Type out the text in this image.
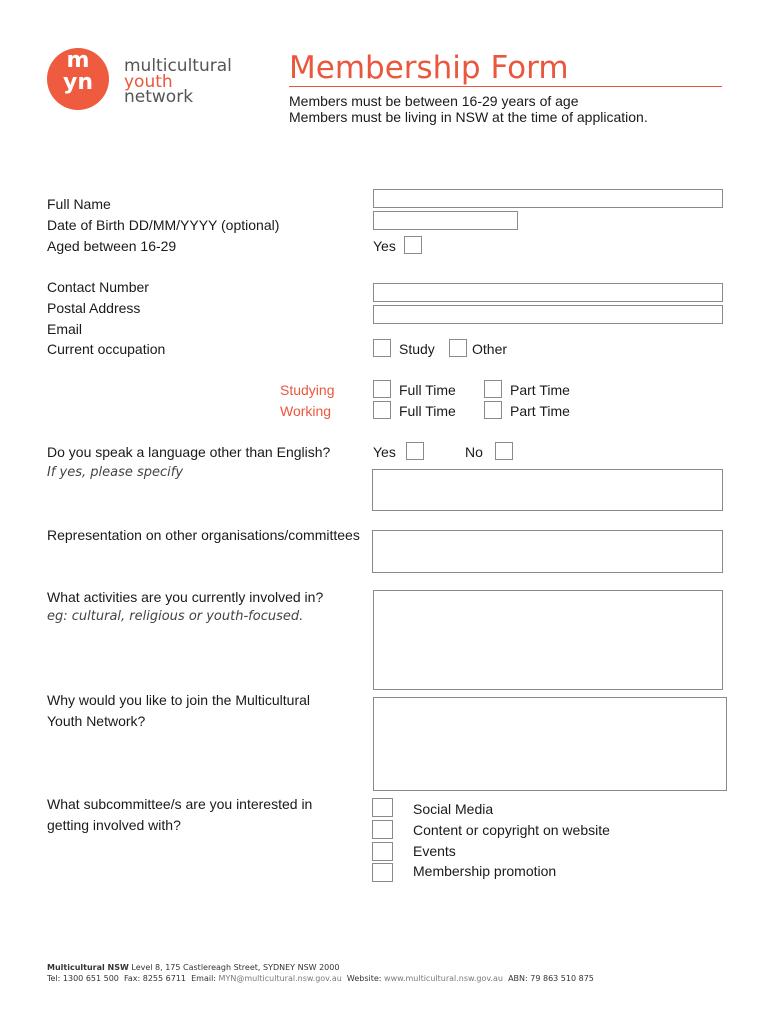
m
yn
multicultural
youth
network
Membership Form
Members must be between 16-29 years of age
Members must be living in NSW at the time of application.
Full Name
Date of Birth DD/MM/YYYY (optional)
Aged between 16-29	Yes
Contact Number
Postal Address
Email
Current occupation	Study	Other
Studying	Full Time	Part Time
Working	Full Time	Part Time
Do you speak a language other than English?	Yes	No
If yes, please specify
Representation on other organisations/committees
What activities are you currently involved in?
eg: cultural, religious or youth-focused.
Why would you like to join the Multicultural
Youth Network?
What subcommittee/s are you interested in
getting involved with?
Social Media
Content or copyright on website
Events
Membership promotion
Multicultural NSW Level 8, 175 Castlereagh Street, SYDNEY NSW 2000
Tel: 1300 651 500 Fax: 8255 6711 Email: MYN@multicultural.nsw.gov.au Website: www.multicultural.nsw.gov.au ABN: 79 863 510 875
